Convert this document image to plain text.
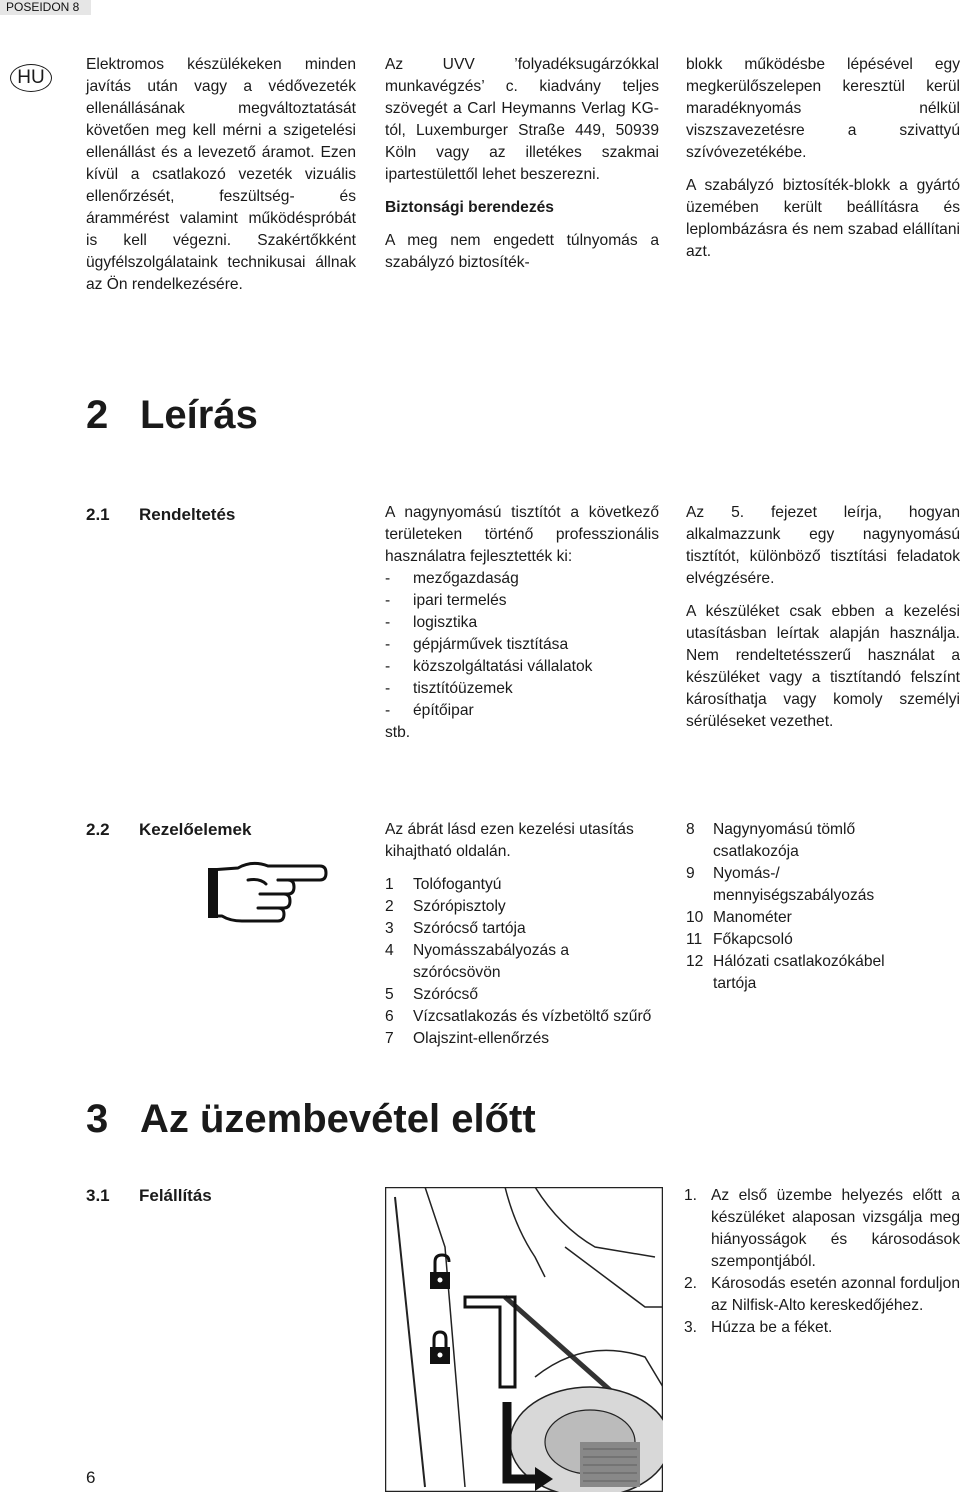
POSEIDON 8
HU

Elektromos készülékeken minden javítás után vagy a védővezeték ellenállásának megváltoztatását követően meg kell mérni a szigetelési ellenállást és a levezető áramot. Ezen kívül a csatlakozó vezeték vizuális ellenőrzését, feszültség- és árammérést valamint működéspróbát is kell végezni. Szakértőkként ügyfélszolgálataink technikusai állnak az Ön rendelkezésére.

Az UVV ’folyadéksugárzókkal munkavégzés’ c. kiadvány teljes szövegét a Carl Heymanns Verlag KG-tól, Luxemburger Straße 449, 50939 Köln vagy az illetékes szakmai ipartestülettől lehet beszerezni.

Biztonsági berendezés

A meg nem engedett túlnyomás a szabályzó biztosíték-

blokk működésbe lépésével egy megkerülőszelepen keresztül kerül maradéknyomás nélkül viszszavezetésre a szivattyú szívóvezetékébe.

A szabályzó biztosíték-blokk a gyártó üzemében került beállításra és leplombázásra és nem szabad elállítani azt.

2 Leírás
2.1 Rendeltetés	A nagynyomású tisztítót a következő területeken történő professzionális használatra fejlesztették ki:

-	mezőgazdaság
-	ipari termelés
-	logisztika
-	gépjárművek tisztítása
-	közszolgáltatási vállalatok
-	tisztítóüzemek
-	építőipar

stb.

Az 5. fejezet leírja, hogyan alkalmazzunk egy nagynyomású tisztítót, különböző tisztítási feladatok elvégzésére.

A készüléket csak ebben a kezelési utasításban leírtak alapján használja. Nem rendeltetésszerű használat a készüléket vagy a tisztítandó felszínt károsíthatja vagy komoly személyi sérüléseket vezethet.

2.2 Kezelőelemek	Az ábrát lásd ezen kezelési utasítás kihajtható oldalán.

1	Tolófogantyú
2	Szórópisztoly
3	Szórócső tartója
4	Nyomásszabályozás a szórócsövön
5	Szórócső
6	Vízcsatlakozás és vízbetöltő szűrő
7	Olajszint-ellenőrzés
8	Nagynyomású tömlő csatlakozója
9	Nyomás-/ mennyiségszabályozás
10 Manométer
11 Főkapcsoló
12 Hálózati csatlakozókábel tartója
3 Az üzembevétel előtt
3.1 Felállítás	1. Az első üzembe helyezés előtt a készüléket alaposan vizsgálja meg hiányosságok és károsodások szempontjából.
2. Károsodás esetén azonnal forduljon az Nilfisk-Alto kereskedőjéhez.
3. Húzza be a féket.
6
